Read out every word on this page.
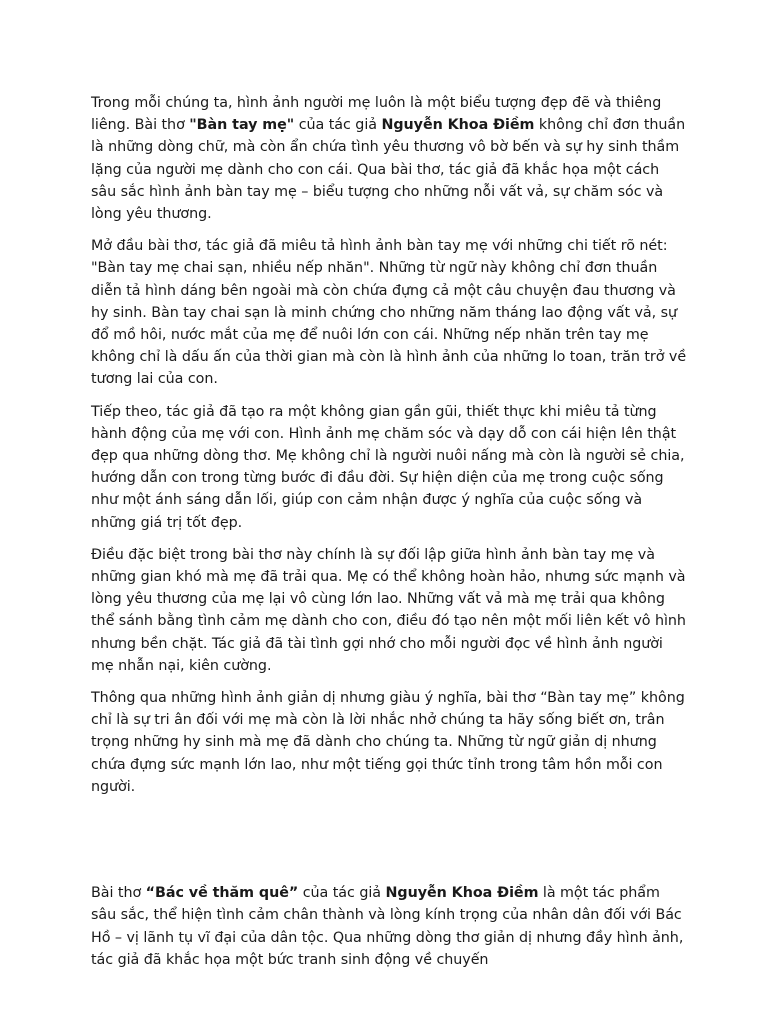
Trong mỗi chúng ta, hình ảnh người mẹ luôn là một biểu tượng đẹp đẽ và thiêng liêng. Bài thơ "Bàn tay mẹ" của tác giả Nguyễn Khoa Điềm không chỉ đơn thuần là những dòng chữ, mà còn ẩn chứa tình yêu thương vô bờ bến và sự hy sinh thầm lặng của người mẹ dành cho con cái. Qua bài thơ, tác giả đã khắc họa một cách sâu sắc hình ảnh bàn tay mẹ – biểu tượng cho những nỗi vất vả, sự chăm sóc và lòng yêu thương.

Mở đầu bài thơ, tác giả đã miêu tả hình ảnh bàn tay mẹ với những chi tiết rõ nét: "Bàn tay mẹ chai sạn, nhiều nếp nhăn". Những từ ngữ này không chỉ đơn thuần diễn tả hình dáng bên ngoài mà còn chứa đựng cả một câu chuyện đau thương và hy sinh. Bàn tay chai sạn là minh chứng cho những năm tháng lao động vất vả, sự đổ mồ hôi, nước mắt của mẹ để nuôi lớn con cái. Những nếp nhăn trên tay mẹ không chỉ là dấu ấn của thời gian mà còn là hình ảnh của những lo toan, trăn trở về tương lai của con.

Tiếp theo, tác giả đã tạo ra một không gian gần gũi, thiết thực khi miêu tả từng hành động của mẹ với con. Hình ảnh mẹ chăm sóc và dạy dỗ con cái hiện lên thật đẹp qua những dòng thơ. Mẹ không chỉ là người nuôi nấng mà còn là người sẻ chia, hướng dẫn con trong từng bước đi đầu đời. Sự hiện diện của mẹ trong cuộc sống như một ánh sáng dẫn lối, giúp con cảm nhận được ý nghĩa của cuộc sống và những giá trị tốt đẹp.

Điều đặc biệt trong bài thơ này chính là sự đối lập giữa hình ảnh bàn tay mẹ và những gian khó mà mẹ đã trải qua. Mẹ có thể không hoàn hảo, nhưng sức mạnh và lòng yêu thương của mẹ lại vô cùng lớn lao. Những vất vả mà mẹ trải qua không thể sánh bằng tình cảm mẹ dành cho con, điều đó tạo nên một mối liên kết vô hình nhưng bền chặt. Tác giả đã tài tình gợi nhớ cho mỗi người đọc về hình ảnh người mẹ nhẫn nại, kiên cường.

Thông qua những hình ảnh giản dị nhưng giàu ý nghĩa, bài thơ “Bàn tay mẹ” không chỉ là sự tri ân đối với mẹ mà còn là lời nhắc nhở chúng ta hãy sống biết ơn, trân trọng những hy sinh mà mẹ đã dành cho chúng ta. Những từ ngữ giản dị nhưng chứa đựng sức mạnh lớn lao, như một tiếng gọi thức tỉnh trong tâm hồn mỗi con người.

Bài thơ “Bác về thăm quê” của tác giả Nguyễn Khoa Điềm là một tác phẩm sâu sắc, thể hiện tình cảm chân thành và lòng kính trọng của nhân dân đối với Bác Hồ – vị lãnh tụ vĩ đại của dân tộc. Qua những dòng thơ giản dị nhưng đầy hình ảnh, tác giả đã khắc họa một bức tranh sinh động về chuyến
